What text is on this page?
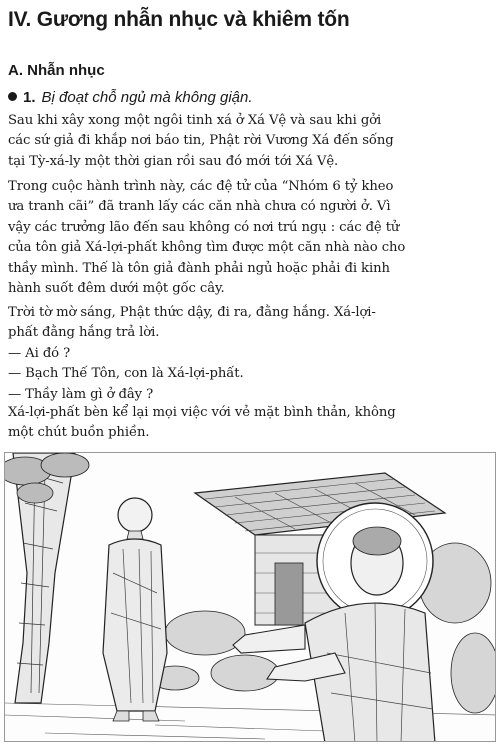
IV. Gương nhẫn nhục và khiêm tốn
A. Nhẫn nhục
1. Bị đoạt chỗ ngủ mà không giận.
Sau khi xây xong một ngôi tinh xá ở Xá Vệ và sau khi gởi
các sứ giả đi khắp nơi báo tin, Phật rời Vương Xá đến sống
tại Tỳ-xá-ly một thời gian rồi sau đó mới tới Xá Vệ.
Trong cuộc hành trình này, các đệ tử của “Nhóm 6 tỷ kheo
ưa tranh cãi” đã tranh lấy các căn nhà chưa có người ở. Vì
vậy các trưởng lão đến sau không có nơi trú ngụ : các đệ tử
của tôn giả Xá-lợi-phất không tìm được một căn nhà nào cho
thầy mình. Thế là tôn giả đành phải ngủ hoặc phải đi kinh
hành suốt đêm dưới một gốc cây.
Trời tờ mờ sáng, Phật thức dậy, đi ra, đằng hắng. Xá-lợi-
phất đằng hắng trả lời.
— Ai đó ?
— Bạch Thế Tôn, con là Xá-lợi-phất.
— Thầy làm gì ở đây ?
Xá-lợi-phất bèn kể lại mọi việc với vẻ mặt bình thản, không
một chút buồn phiền.
